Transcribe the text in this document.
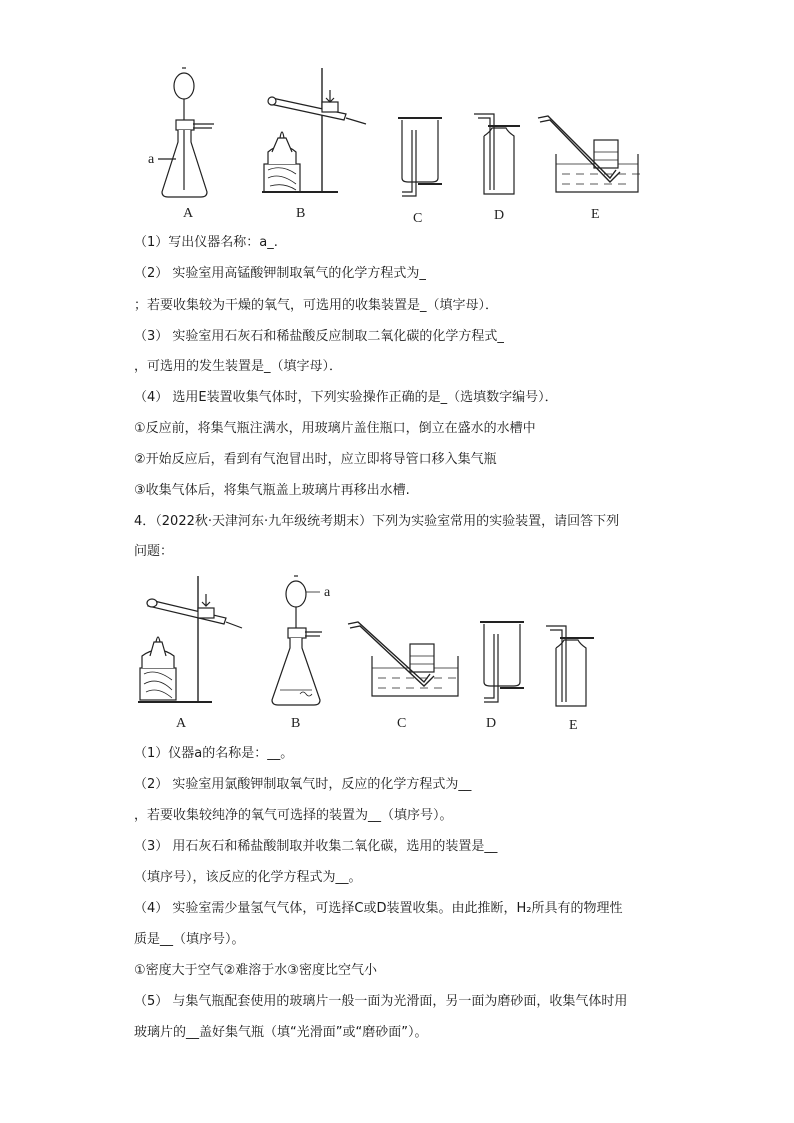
a
A	B	C	D	E
（1）写出仪器名称：a_.
（2） 实验室用高锰酸钾制取氧气的化学方程式为_
；若要收集较为干燥的氧气，可选用的收集装置是_（填字母）．
（3） 实验室用石灰石和稀盐酸反应制取二氧化碳的化学方程式_
，可选用的发生装置是_（填字母）．
（4） 选用E装置收集气体时，下列实验操作正确的是_（选填数字编号）．
①反应前，将集气瓶注满水，用玻璃片盖住瓶口，倒立在盛水的水槽中
②开始反应后，看到有气泡冒出时，应立即将导管口移入集气瓶
③收集气体后，将集气瓶盖上玻璃片再移出水槽.
4．（2022秋·天津河东·九年级统考期末）下列为实验室常用的实验装置，请回答下列
问题：
a
A	B	C	D	E
（1）仪器a的名称是：__。
（2） 实验室用氯酸钾制取氧气时，反应的化学方程式为__
，若要收集较纯净的氧气可选择的装置为__（填序号）。
（3） 用石灰石和稀盐酸制取并收集二氧化碳，选用的装置是__
（填序号），该反应的化学方程式为__。
（4） 实验室需少量氢气气体，可选择C或D装置收集。由此推断，H₂所具有的物理性
质是__（填序号）。
①密度大于空气②难溶于水③密度比空气小
（5） 与集气瓶配套使用的玻璃片一般一面为光滑面，另一面为磨砂面，收集气体时用
玻璃片的__盖好集气瓶（填“光滑面”或“磨砂面”）。
